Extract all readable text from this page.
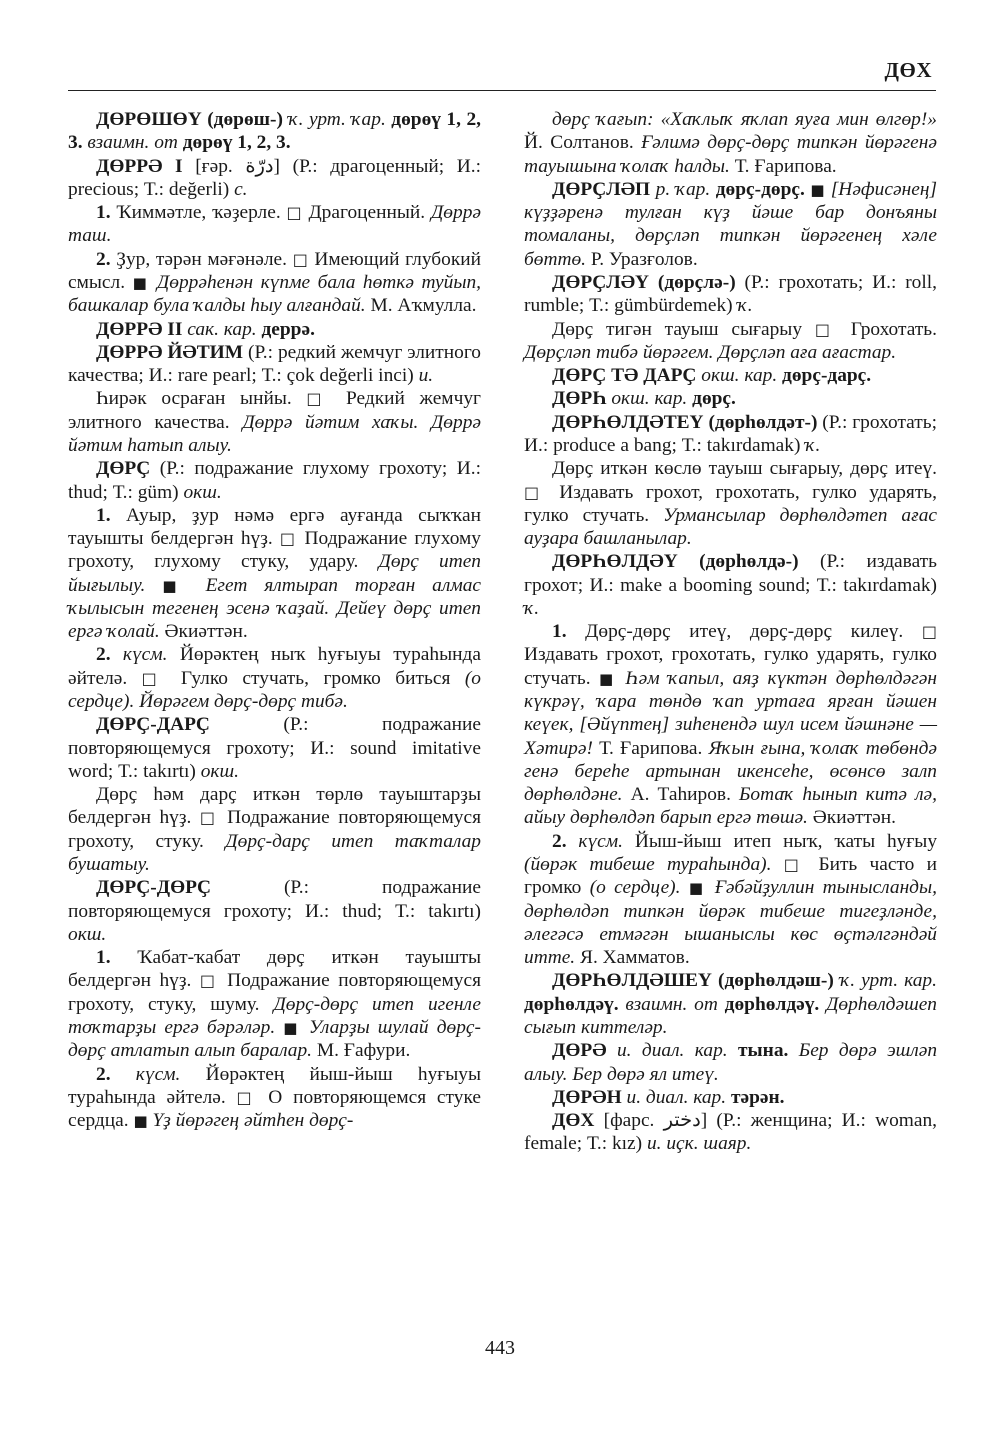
ДӨХ

ДӨРӨШӨҮ (дөрөш-) ҡ. урт. ҡар. дөрөү 1, 2, 3. взаимн. от дөрөү 1, 2, 3.

ДӨРРӘ I [ғәр. درّة] (Р.: драгоценный; И.: precious; Т.: değerli) с.

1. Ҡиммәтле, ҡәҙерле. □ Драгоценный. Дөррә таш.

2. Ҙур, тәрән мәғәнәле. □ Имеющий глубокий смысл. ■ Дөррәһенән күпме бала һөткә туйып, башкалар була ҡалды һыу алғандай. М. Аҡмулла.

ДӨРРӘ II сак. кар. деррә.

ДӨРРӘ ЙӘТИМ (Р.: редкий жемчуг элитного качества; И.: rare pearl; Т.: çok değerli inci) и.

Һирәк осраған ынйы. □ Редкий жемчуг элитного качества. Дөррә йәтим хаҡы. Дөррә йәтим һатып алыу.

ДӨРҪ (Р.: подражание глухому грохоту; И.: thud; Т.: güm) окш.

1. Ауыр, ҙур нәмә ергә ауғанда сыҡҡан тауышты белдергән һүҙ. □ Подражание глухому грохоту, глухому стуку, удару. Дөрҫ итеп йығылыу. ■ Егет ялтырап торған алмас ҡылысын тегенең эсенә ҡаҙай. Дейеү дөрҫ итеп ергә ҡолай. Әкиәттән.

2. күсм. Йөрәктең ныҡ һуғыуы тураһында әйтелә. □ Гулко стучать, громко биться (о сердце). Йөрәгем дөрҫ-дөрҫ тибә.

ДӨРҪ-ДАРҪ (Р.: подражание повторяющемуся грохоту; И.: sound imitative word; Т.: takırtı) окш.

Дөрҫ һәм дарҫ иткән төрлө тауыштарҙы белдергән һүҙ. □ Подражание повторяющемуся грохоту, стуку. Дөрҫ-дарҫ итеп таҡталар бушатыу.

ДӨРҪ-ДӨРҪ (Р.: подражание повторяющемуся грохоту; И.: thud; Т.: takırtı) окш.

1. Ҡабат-ҡабат дөрҫ иткән тауышты белдергән һүҙ. □ Подражание повторяющемуся грохоту, стуку, шуму. Дөрҫ-дөрҫ итеп игенле тоҡтарҙы ергә бәрәләр. ■ Улар​ҙы шулай дөрҫ-дөрҫ атлатып алып баралар. М. Ғафури.

2. күсм. Йөрәктең йыш-йыш һуғыуы тураһында әйтелә. □ О повторяющемся стуке сердца. ■ Үҙ йөрәгең әйтһен дөрҫ-

дөрҫ ҡағып: «Хаҡлыҡ яҡлап яуға мин өлгөр!» Й. Солтанов. Ғәлимә дөрҫ-дөрҫ типкән йөрәгенә тауышына ҡолаҡ һалды. Т. Ғарипова.

ДӨРҪЛӘП р. ҡар. дөрҫ-дөрҫ. ■ [Нәфисәнең] күҙҙәренә тулған күҙ йәше бар донъяны томаланы, дөрҫләп типкән йөрәгенең хәле бөттө. Р. Уразғолов.

ДӨРҪЛӘҮ (дөрҫлә-) (Р.: грохотать; И.: roll, rumble; Т.: gümbürdemek) ҡ.

Дөрҫ тигән тауыш сығарыу □ Грохотать. Дөрҫләп тибә йөрәгем. Дөрҫләп аға ағастар.

ДӨРҪ ТӘ ДАРҪ окш. кар. дөрҫ-дарҫ.

ДӨРҺ окш. кар. дөрҫ.

ДӨРҺӨЛДӘТЕҮ (дөрһөлдәт-) (Р.: грохотать; И.: produce a bang; Т.: takırdamak) ҡ.

Дөрҫ иткән көслө тауыш сығарыу, дөрҫ итеү. □ Издавать грохот, грохотать, гулко ударять, гулко стучать. Урмансылар дөрһөлдәтеп ағас ауҙара башланылар.

ДӨРҺӨЛДӘҮ (дөрһөлдә-) (Р.: издавать грохот; И.: make a booming sound; Т.: takırdamak) ҡ.

1. Дөрҫ-дөрҫ итеү, дөрҫ-дөрҫ килеү. □ Издавать грохот, грохотать, гулко ударять, гулко стучать. ■ Һәм ҡапыл, аяҙ күктән дөрһөлдәгән күкрәү, ҡара төндө ҡап уртаға ярған йәшен кеүек, [Әйүптең] зиһенендә шул исем йәшнәне — Хәтирә! Т. Ғарипова. Яҡын ғына, ҡолаҡ төбөндә генә береһе артынан икенсеһе, өсөнсө залп дөрһөлдәне. А. Таһиров. Ботаҡ һынып китә лә, айыу дөрһөлдәп барып ергә төшә. Әкиәттән.

2. күсм. Йыш-йыш итеп ныҡ, ҡаты һуғыу (йөрәк тибеше тураһында). □ Бить часто и громко (о сердце). ■ Ғәбәйҙуллин тынысланды, дөрһөлдәп типкән йөрәк тибеше тигеҙләнде, әлегәсә етмәгән ышаныслы көс өҫтәлгәндәй итте. Я. Хамматов.

ДӨРҺӨЛДӘШЕҮ (дөрһөлдәш-) ҡ. урт. кар. дөрһөлдәү. взаимн. от дөрһөлдәү. Дөрһөлдәшеп сығып киттеләр.

ДӨРӘ и. диал. кар. тына. Бер дөрә эшләп алыу. Бер дөрә ял итеү.

ДӨРӘН и. диал. кар. тәрән.

ДӨХ [фарс. دختر] (Р.: женщина; И.: woman, female; Т.: kız) и. иҫк. шаяр.

443
